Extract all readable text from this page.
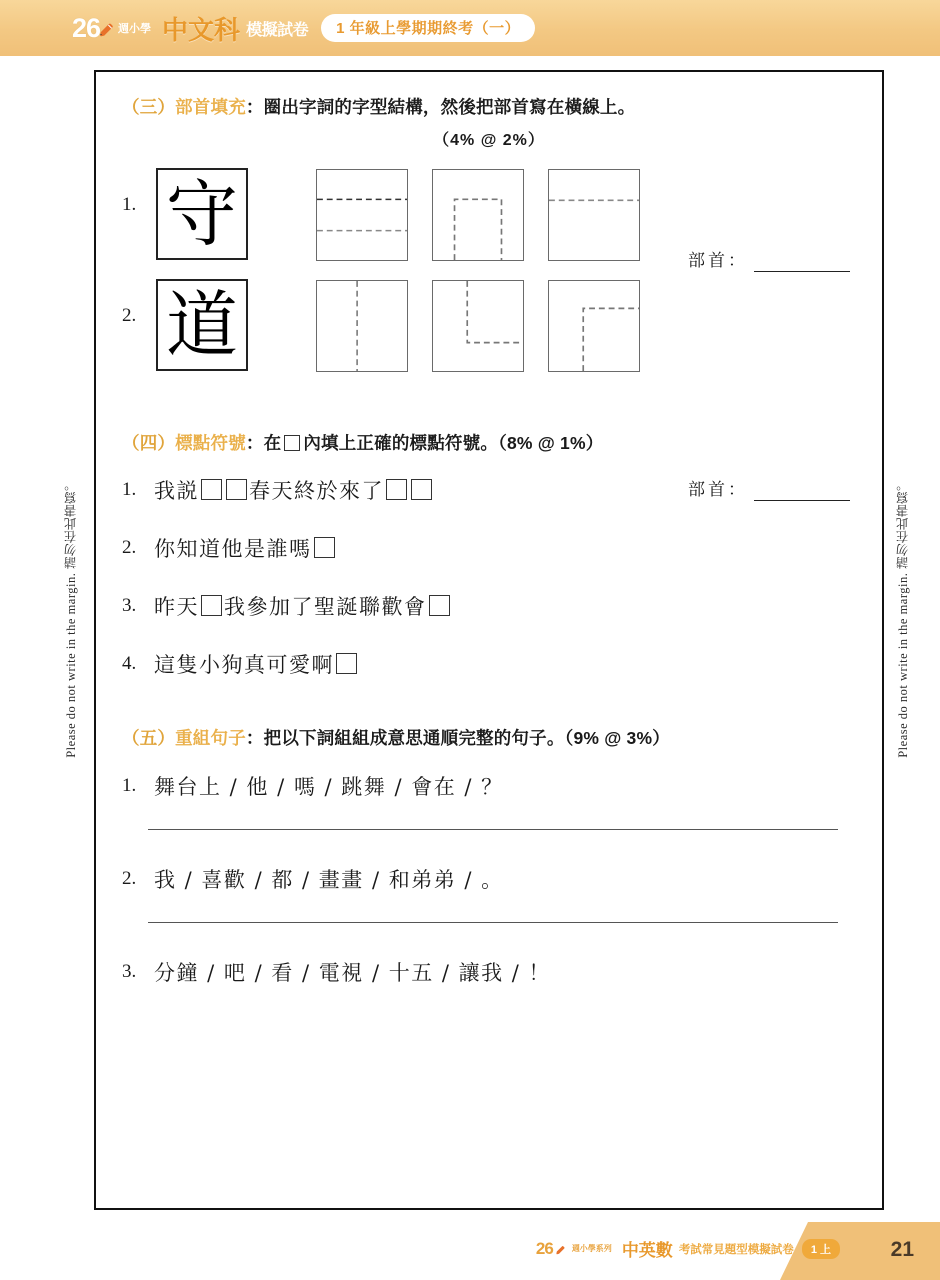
26 週小學 中文科 模擬試卷	1 年級上學期期終考（一）
Please do not write in the margin. 請勿在此書寫。	Please do not write in the margin. 請勿在此書寫。
（三） 部首填充 ： 圈出字詞的字型結構，然後把部首寫在橫線上。
（4% @ 2%）
1. 守
部首：
2. 道
部首：
（四） 標點符號 ： 在 內填上正確的標點符號。（8% @ 1%）
1. 我説 春天終於來了
2. 你知道他是誰嗎
3. 昨天 我參加了聖誕聯歡會
4. 這隻小狗真可愛啊
（五） 重組句子 ： 把以下詞組組成意思通順完整的句子。（9% @ 3%）
1. 舞台上 / 他 / 嗎 / 跳舞 / 會在 / ？
2. 我 / 喜歡 / 都 / 畫畫 / 和弟弟 / 。
3. 分鐘 / 吧 / 看 / 電視 / 十五 / 讓我 / ！
26 週小學系列 中英數 考試常見題型模擬試卷	1 上	21
